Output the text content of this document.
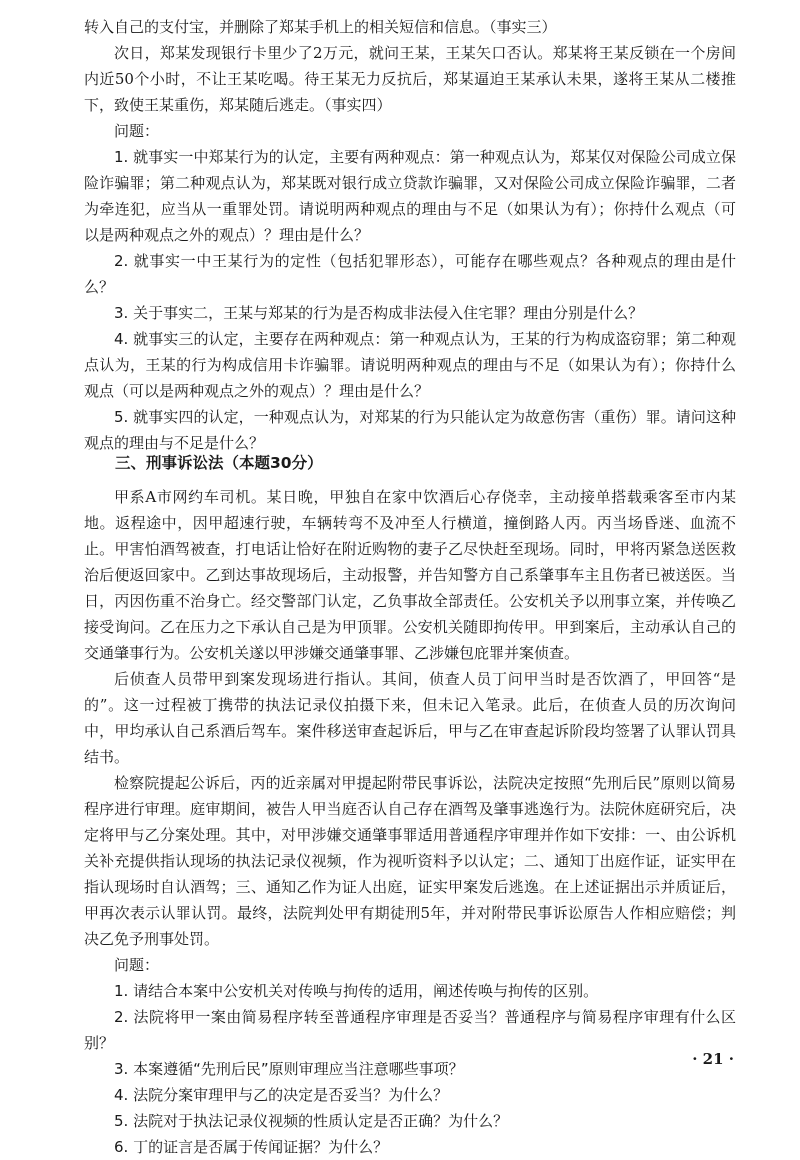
转入自己的支付宝，并删除了郑某手机上的相关短信和信息。（事实三）

次日，郑某发现银行卡里少了2万元，就问王某，王某矢口否认。郑某将王某反锁在一个房间内近50个小时，不让王某吃喝。待王某无力反抗后，郑某逼迫王某承认未果，遂将王某从二楼推下，致使王某重伤，郑某随后逃走。（事实四）

问题：

1. 就事实一中郑某行为的认定，主要有两种观点：第一种观点认为，郑某仅对保险公司成立保险诈骗罪；第二种观点认为，郑某既对银行成立贷款诈骗罪，又对保险公司成立保险诈骗罪，二者为牵连犯，应当从一重罪处罚。请说明两种观点的理由与不足（如果认为有）；你持什么观点（可以是两种观点之外的观点）？理由是什么？

2. 就事实一中王某行为的定性（包括犯罪形态），可能存在哪些观点？各种观点的理由是什么？

3. 关于事实二，王某与郑某的行为是否构成非法侵入住宅罪？理由分别是什么？

4. 就事实三的认定，主要存在两种观点：第一种观点认为，王某的行为构成盗窃罪；第二种观点认为，王某的行为构成信用卡诈骗罪。请说明两种观点的理由与不足（如果认为有）；你持什么观点（可以是两种观点之外的观点）？理由是什么？

5. 就事实四的认定，一种观点认为，对郑某的行为只能认定为故意伤害（重伤）罪。请问这种观点的理由与不足是什么？

三、刑事诉讼法（本题30分）

甲系A市网约车司机。某日晚，甲独自在家中饮酒后心存侥幸，主动接单搭载乘客至市内某地。返程途中，因甲超速行驶，车辆转弯不及冲至人行横道，撞倒路人丙。丙当场昏迷、血流不止。甲害怕酒驾被查，打电话让恰好在附近购物的妻子乙尽快赶至现场。同时，甲将丙紧急送医救治后便返回家中。乙到达事故现场后，主动报警，并告知警方自己系肇事车主且伤者已被送医。当日，丙因伤重不治身亡。经交警部门认定，乙负事故全部责任。公安机关予以刑事立案，并传唤乙接受询问。乙在压力之下承认自己是为甲顶罪。公安机关随即拘传甲。甲到案后，主动承认自己的交通肇事行为。公安机关遂以甲涉嫌交通肇事罪、乙涉嫌包庇罪并案侦查。

后侦查人员带甲到案发现场进行指认。其间，侦查人员丁问甲当时是否饮酒了，甲回答“是的”。这一过程被丁携带的执法记录仪拍摄下来，但未记入笔录。此后，在侦查人员的历次询问中，甲均承认自己系酒后驾车。案件移送审查起诉后，甲与乙在审查起诉阶段均签署了认罪认罚具结书。

检察院提起公诉后，丙的近亲属对甲提起附带民事诉讼，法院决定按照“先刑后民”原则以简易程序进行审理。庭审期间，被告人甲当庭否认自己存在酒驾及肇事逃逸行为。法院休庭研究后，决定将甲与乙分案处理。其中，对甲涉嫌交通肇事罪适用普通程序审理并作如下安排：一、由公诉机关补充提供指认现场的执法记录仪视频，作为视听资料予以认定；二、通知丁出庭作证，证实甲在指认现场时自认酒驾；三、通知乙作为证人出庭，证实甲案发后逃逸。在上述证据出示并质证后，甲再次表示认罪认罚。最终，法院判处甲有期徒刑5年，并对附带民事诉讼原告人作相应赔偿；判决乙免予刑事处罚。

问题：

1. 请结合本案中公安机关对传唤与拘传的适用，阐述传唤与拘传的区别。

2. 法院将甲一案由简易程序转至普通程序审理是否妥当？普通程序与简易程序审理有什么区别？

3. 本案遵循“先刑后民”原则审理应当注意哪些事项？

4. 法院分案审理甲与乙的决定是否妥当？为什么？

5. 法院对于执法记录仪视频的性质认定是否正确？为什么？

6. 丁的证言是否属于传闻证据？为什么？

· 21 ·
